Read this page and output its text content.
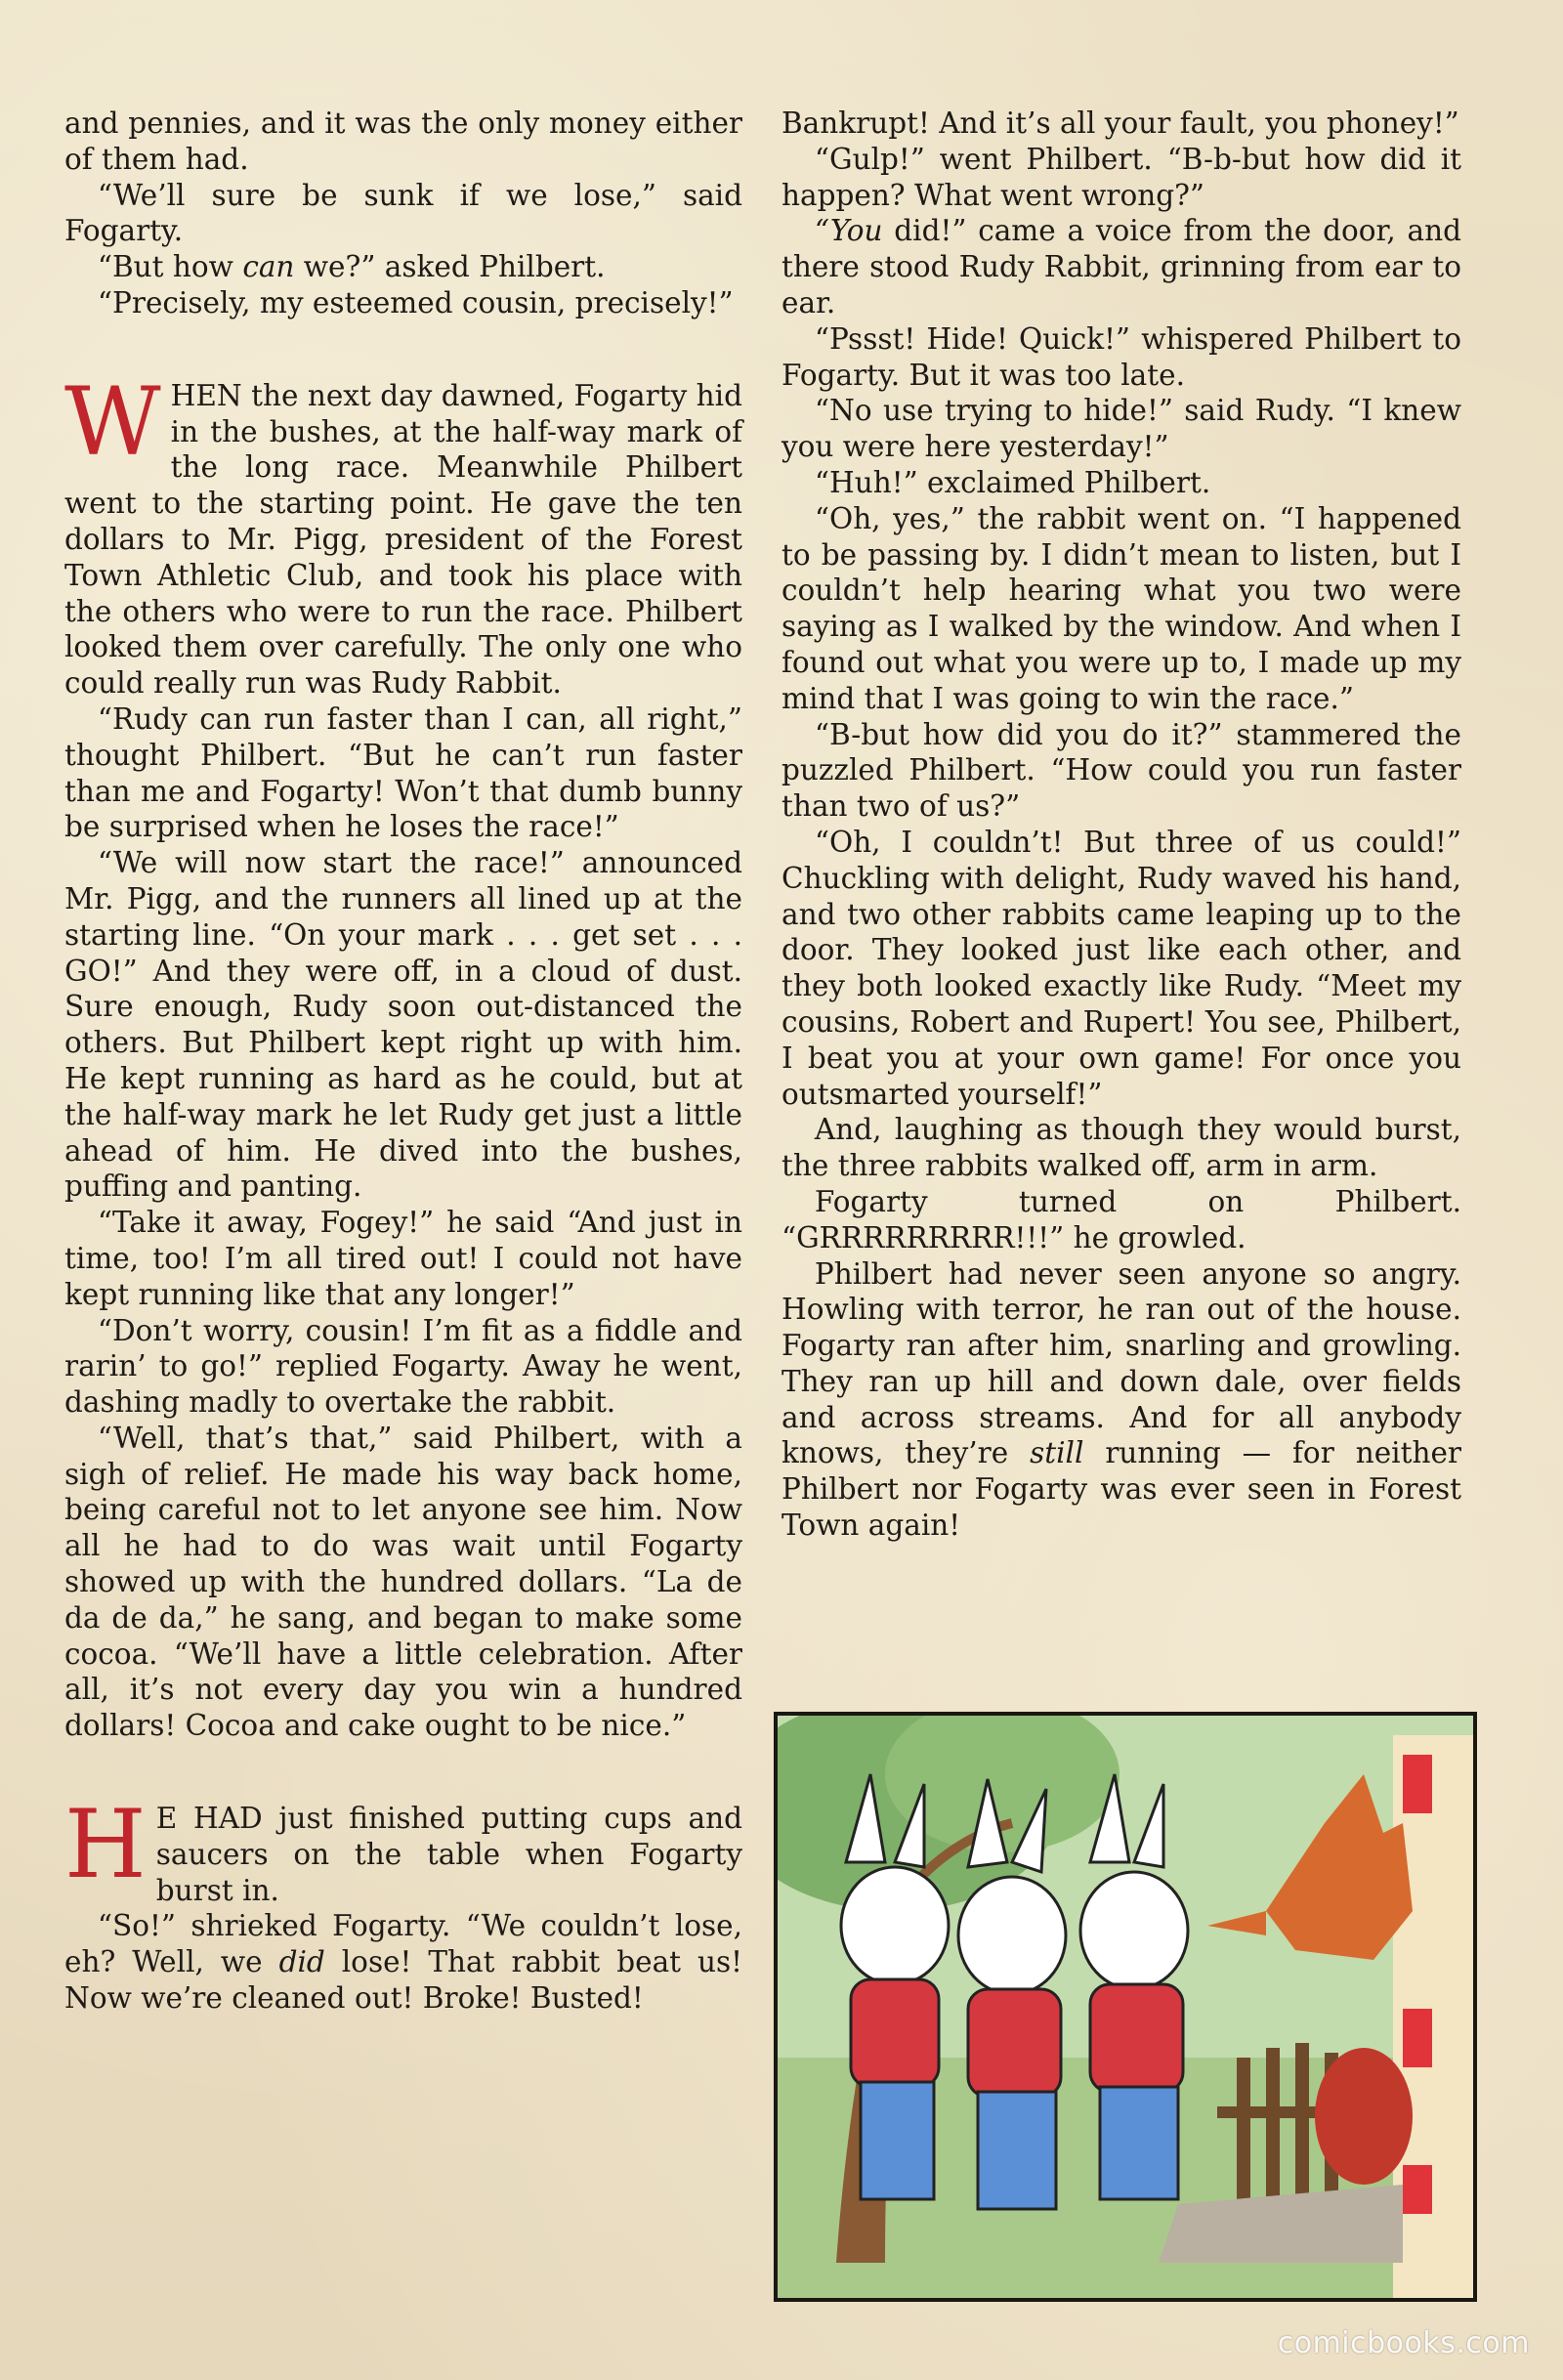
and pennies, and it was the only money either of them had.

“We’ll sure be sunk if we lose,” said Fogarty.

“But how can we?” asked Philbert.

“Precisely, my esteemed cousin, precisely!”

WHEN the next day dawned, Fogarty hid in the bushes, at the half-way mark of the long race. Meanwhile Philbert went to the starting point. He gave the ten dollars to Mr. Pigg, president of the Forest Town Athletic Club, and took his place with the others who were to run the race. Philbert looked them over carefully. The only one who could really run was Rudy Rabbit.

“Rudy can run faster than I can, all right,” thought Philbert. “But he can’t run faster than me and Fogarty! Won’t that dumb bunny be surprised when he loses the race!”

“We will now start the race!” announced Mr. Pigg, and the runners all lined up at the starting line. “On your mark . . . get set . . . GO!” And they were off, in a cloud of dust. Sure enough, Rudy soon out-distanced the others. But Philbert kept right up with him. He kept running as hard as he could, but at the half-way mark he let Rudy get just a little ahead of him. He dived into the bushes, puffing and panting.

“Take it away, Fogey!” he said “And just in time, too! I’m all tired out! I could not have kept running like that any longer!”

“Don’t worry, cousin! I’m fit as a fiddle and rarin’ to go!” replied Fogarty. Away he went, dashing madly to overtake the rabbit.

“Well, that’s that,” said Philbert, with a sigh of relief. He made his way back home, being careful not to let anyone see him. Now all he had to do was wait until Fogarty showed up with the hundred dollars. “La de da de da,” he sang, and began to make some cocoa. “We’ll have a little celebration. After all, it’s not every day you win a hundred dollars! Cocoa and cake ought to be nice.”

H E HAD just finished putting cups and saucers on the table when Fogarty burst in.

“So!” shrieked Fogarty. “We couldn’t lose, eh? Well, we did lose! That rabbit beat us! Now we’re cleaned out! Broke! Busted!

Bankrupt! And it’s all your fault, you phoney!”

“Gulp!” went Philbert. “B-b-but how did it happen? What went wrong?”

“You did!” came a voice from the door, and there stood Rudy Rabbit, grinning from ear to ear.

“Pssst! Hide! Quick!” whispered Philbert to Fogarty. But it was too late.

“No use trying to hide!” said Rudy. “I knew you were here yesterday!”

“Huh!” exclaimed Philbert.

“Oh, yes,” the rabbit went on. “I happened to be passing by. I didn’t mean to listen, but I couldn’t help hearing what you two were saying as I walked by the window. And when I found out what you were up to, I made up my mind that I was going to win the race.”

“B-but how did you do it?” stammered the puzzled Philbert. “How could you run faster than two of us?”

“Oh, I couldn’t! But three of us could!” Chuckling with delight, Rudy waved his hand, and two other rabbits came leaping up to the door. They looked just like each other, and they both looked exactly like Rudy. “Meet my cousins, Robert and Rupert! You see, Philbert, I beat you at your own game! For once you outsmarted yourself!”

And, laughing as though they would burst, the three rabbits walked off, arm in arm.

Fogarty turned on Philbert. “GRRRRRRRRR!!!” he growled.

Philbert had never seen anyone so angry. Howling with terror, he ran out of the house. Fogarty ran after him, snarling and growling. They ran up hill and down dale, over fields and across streams. And for all anybody knows, they’re still running — for neither Philbert nor Fogarty was ever seen in Forest Town again!

comicbooks.com
